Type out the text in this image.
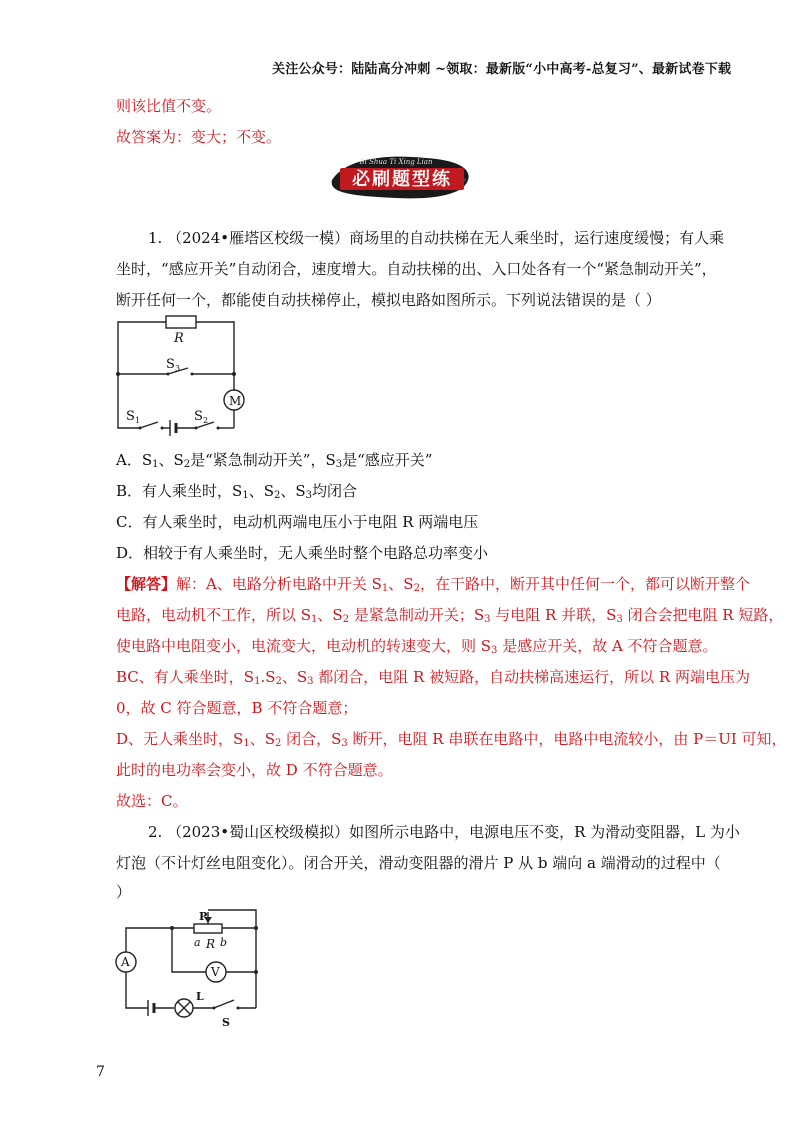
关注公众号：陆陆高分冲刺 ~领取：最新版“小中高考-总复习”、最新试卷下载
则该比值不变。
故答案为：变大；不变。
Bi Shua Ti Xing Lian
必刷题型练
1. （2024•雁塔区校级一模）商场里的自动扶梯在无人乘坐时，运行速度缓慢；有人乘
坐时，“感应开关”自动闭合，速度增大。自动扶梯的出、入口处各有一个“紧急制动开关”，
断开任何一个，都能使自动扶梯停止，模拟电路如图所示。下列说法错误的是（ ）
R
S 3
S 1	S 2
M
A．$S_1$、$S_2$是“紧急制动开关”，$S_3$是“感应开关”
B．有人乘坐时，$S_1$、$S_2$、$S_3$均闭合
C．有人乘坐时，电动机两端电压小于电阻 R 两端电压
D．相较于有人乘坐时，无人乘坐时整个电路总功率变小
【解答】解：A、电路分析电路中开关 $S_1$、$S_2$，在干路中，断开其中任何一个，都可以断开整个
电路，电动机不工作，所以 $S_1$、$S_2$ 是紧急制动开关；$S_3$ 与电阻 R 并联，$S_3$ 闭合会把电阻 R 短路，
使电路中电阻变小，电流变大，电动机的转速变大，则 $S_3$ 是感应开关，故 A 不符合题意。
BC、有人乘坐时，$S_1.S_2$、$S_3$ 都闭合，电阻 R 被短路，自动扶梯高速运行，所以 R 两端电压为
0，故 C 符合题意，B 不符合题意；
D、无人乘坐时，$S_1$、$S_2$ 闭合，$S_3$ 断开，电阻 R 串联在电路中，电路中电流较小，由 P＝UI 可知，
此时的电功率会变小，故 D 不符合题意。
故选：C。
2. （2023•蜀山区校级模拟）如图所示电路中，电源电压不变，R 为滑动变阻器，L 为小
灯泡（不计灯丝电阻变化）。闭合开关，滑动变阻器的滑片 P 从 b 端向 a 端滑动的过程中（
）
P
a R b
A
V
L
S
7
